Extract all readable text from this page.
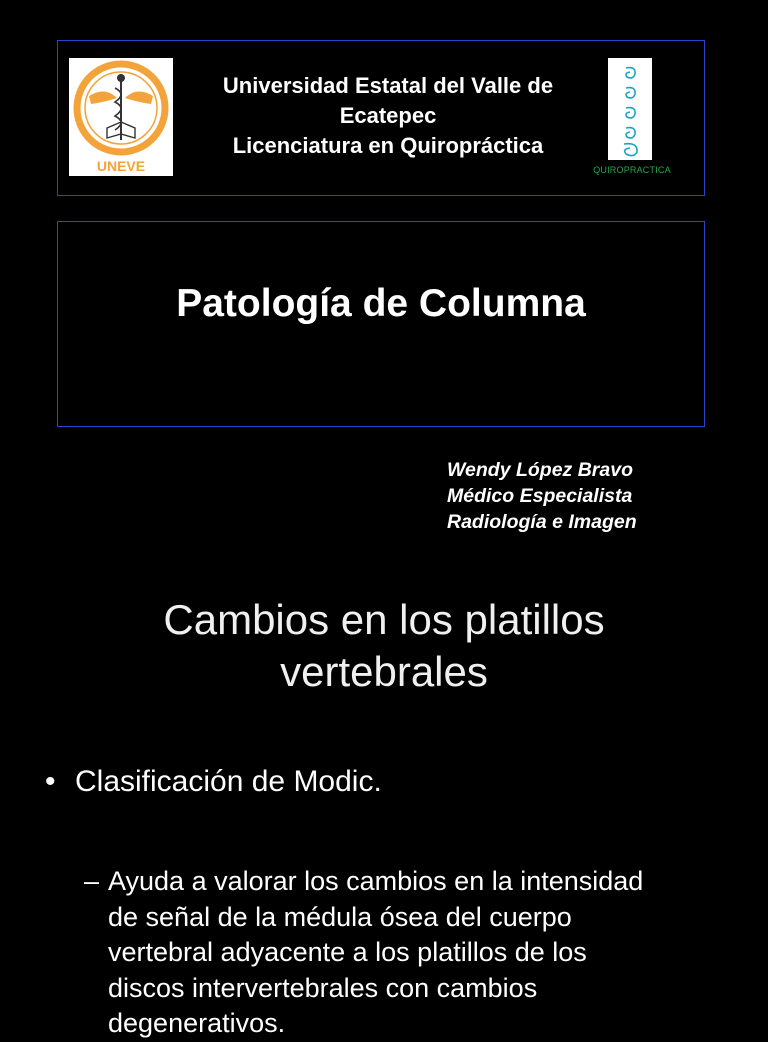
UNEVE
Universidad Estatal del Valle de
Ecatepec
Licenciatura en Quiropráctica
QUIROPRACTICA
Patología de Columna
Wendy López Bravo
Médico Especialista
Radiología e Imagen
Cambios en los platillos
vertebrales
• Clasificación de Modic.
– Ayuda a valorar los cambios en la intensidad
de señal de la médula ósea del cuerpo
vertebral adyacente a los platillos de los
discos intervertebrales con cambios
degenerativos.
